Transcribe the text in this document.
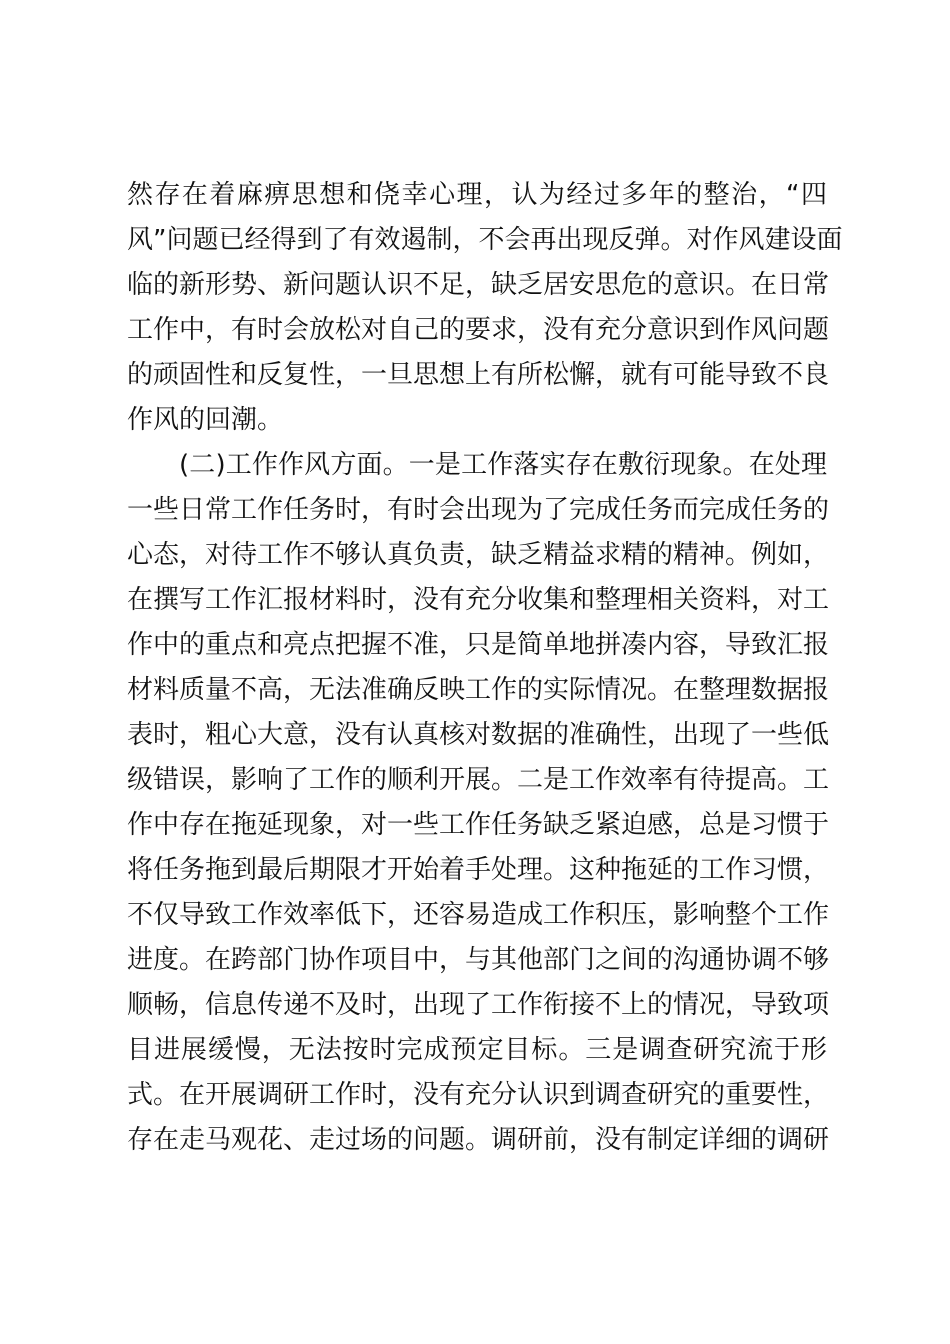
然存在着麻痹思想和侥幸心理，认为经过多年的整治，“四
风”问题已经得到了有效遏制，不会再出现反弹。对作风建设面
临的新形势、新问题认识不足，缺乏居安思危的意识。在日常
工作中，有时会放松对自己的要求，没有充分意识到作风问题
的顽固性和反复性，一旦思想上有所松懈，就有可能导致不良
作风的回潮。
(二)工作作风方面。一是工作落实存在敷衍现象。在处理
一些日常工作任务时，有时会出现为了完成任务而完成任务的
心态，对待工作不够认真负责，缺乏精益求精的精神。例如，
在撰写工作汇报材料时，没有充分收集和整理相关资料，对工
作中的重点和亮点把握不准，只是简单地拼凑内容，导致汇报
材料质量不高，无法准确反映工作的实际情况。在整理数据报
表时，粗心大意，没有认真核对数据的准确性，出现了一些低
级错误，影响了工作的顺利开展。二是工作效率有待提高。工
作中存在拖延现象，对一些工作任务缺乏紧迫感，总是习惯于
将任务拖到最后期限才开始着手处理。这种拖延的工作习惯，
不仅导致工作效率低下，还容易造成工作积压，影响整个工作
进度。在跨部门协作项目中，与其他部门之间的沟通协调不够
顺畅，信息传递不及时，出现了工作衔接不上的情况，导致项
目进展缓慢，无法按时完成预定目标。三是调查研究流于形
式。在开展调研工作时，没有充分认识到调查研究的重要性，
存在走马观花、走过场的问题。调研前，没有制定详细的调研
